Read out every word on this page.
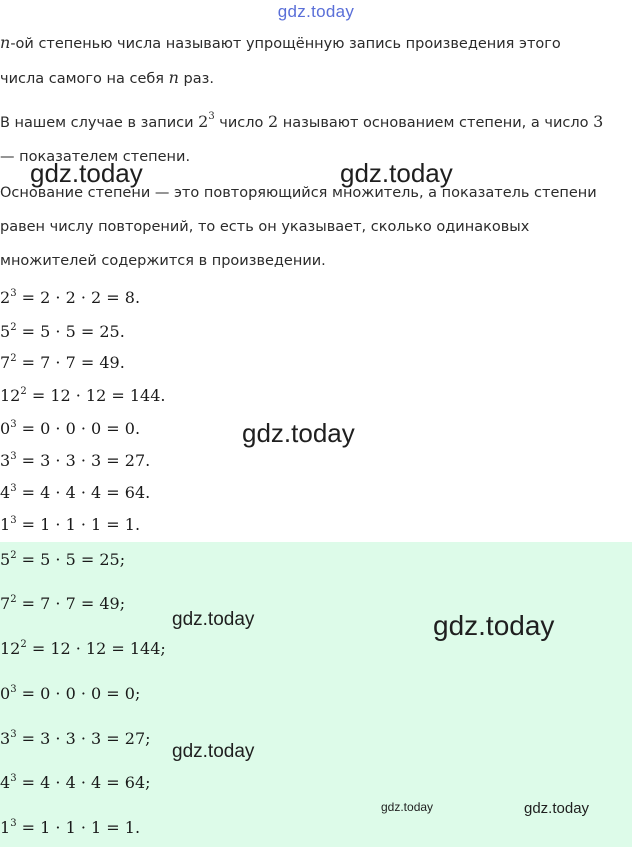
gdz.today

n-ой степенью числа называют упрощённую запись произведения этого
числа самого на себя n раз.

В нашем случае в записи $2^3$ число 2 называют основанием степени, а число 3
— показателем степени.

Основание степени — это повторяющийся множитель, а показатель степени
равен числу повторений, то есть он указывает, сколько одинаковых
множителей содержится в произведении.

$2^3 = 2 \cdot 2 \cdot 2 = 8$.
$5^2 = 5 \cdot 5 = 25$.
$7^2 = 7 \cdot 7 = 49$.
$12^2 = 12 \cdot 12 = 144$.
$0^3 = 0 \cdot 0 \cdot 0 = 0$.
$3^3 = 3 \cdot 3 \cdot 3 = 27$.
$4^3 = 4 \cdot 4 \cdot 4 = 64$.
$1^3 = 1 \cdot 1 \cdot 1 = 1$.
$5^2 = 5 \cdot 5 = 25$;
$7^2 = 7 \cdot 7 = 49$;
$12^2 = 12 \cdot 12 = 144$;
$0^3 = 0 \cdot 0 \cdot 0 = 0$;
$3^3 = 3 \cdot 3 \cdot 3 = 27$;
$4^3 = 4 \cdot 4 \cdot 4 = 64$;
$1^3 = 1 \cdot 1 \cdot 1 = 1$.
gdz.today	gdz.today
gdz.today
gdz.today	gdz.today
gdz.today
gdz.today	gdz.today
